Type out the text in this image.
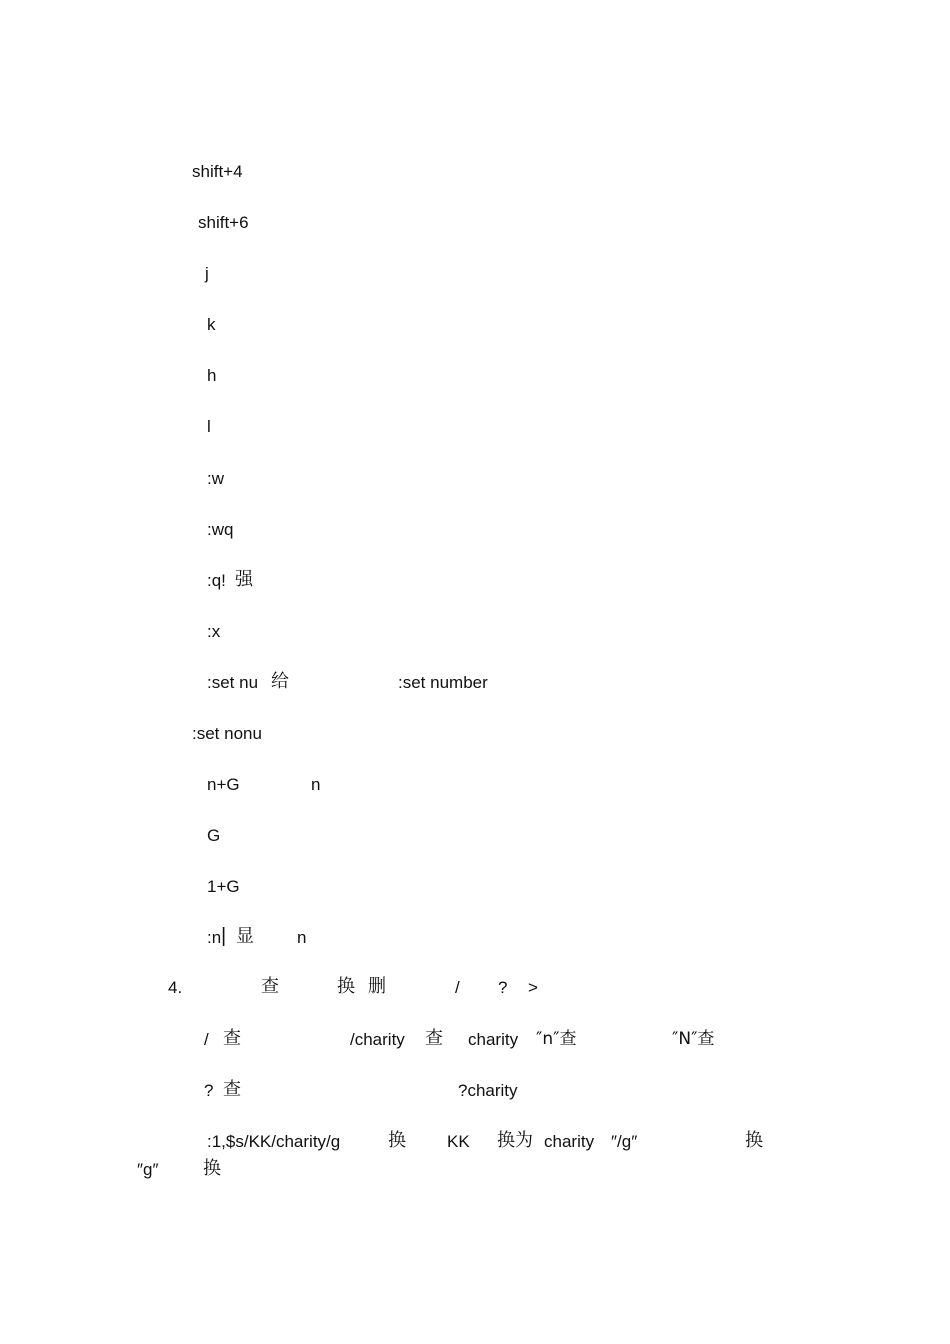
shift+4
shift+6
j
k
h
l
:w
:wq
:q! 强
:x
:set nu 给	:set number
:set nonu
n+G	n
G
1+G
:n | 显	n
4.	查	换 删	/ ? >
/ 查	/charity 查 charity ″n″查	″N″查
? 查	?charity
:1,$s/KK/charity/g	换 KK 换为 charity ″/g″	换
″g″ 换
